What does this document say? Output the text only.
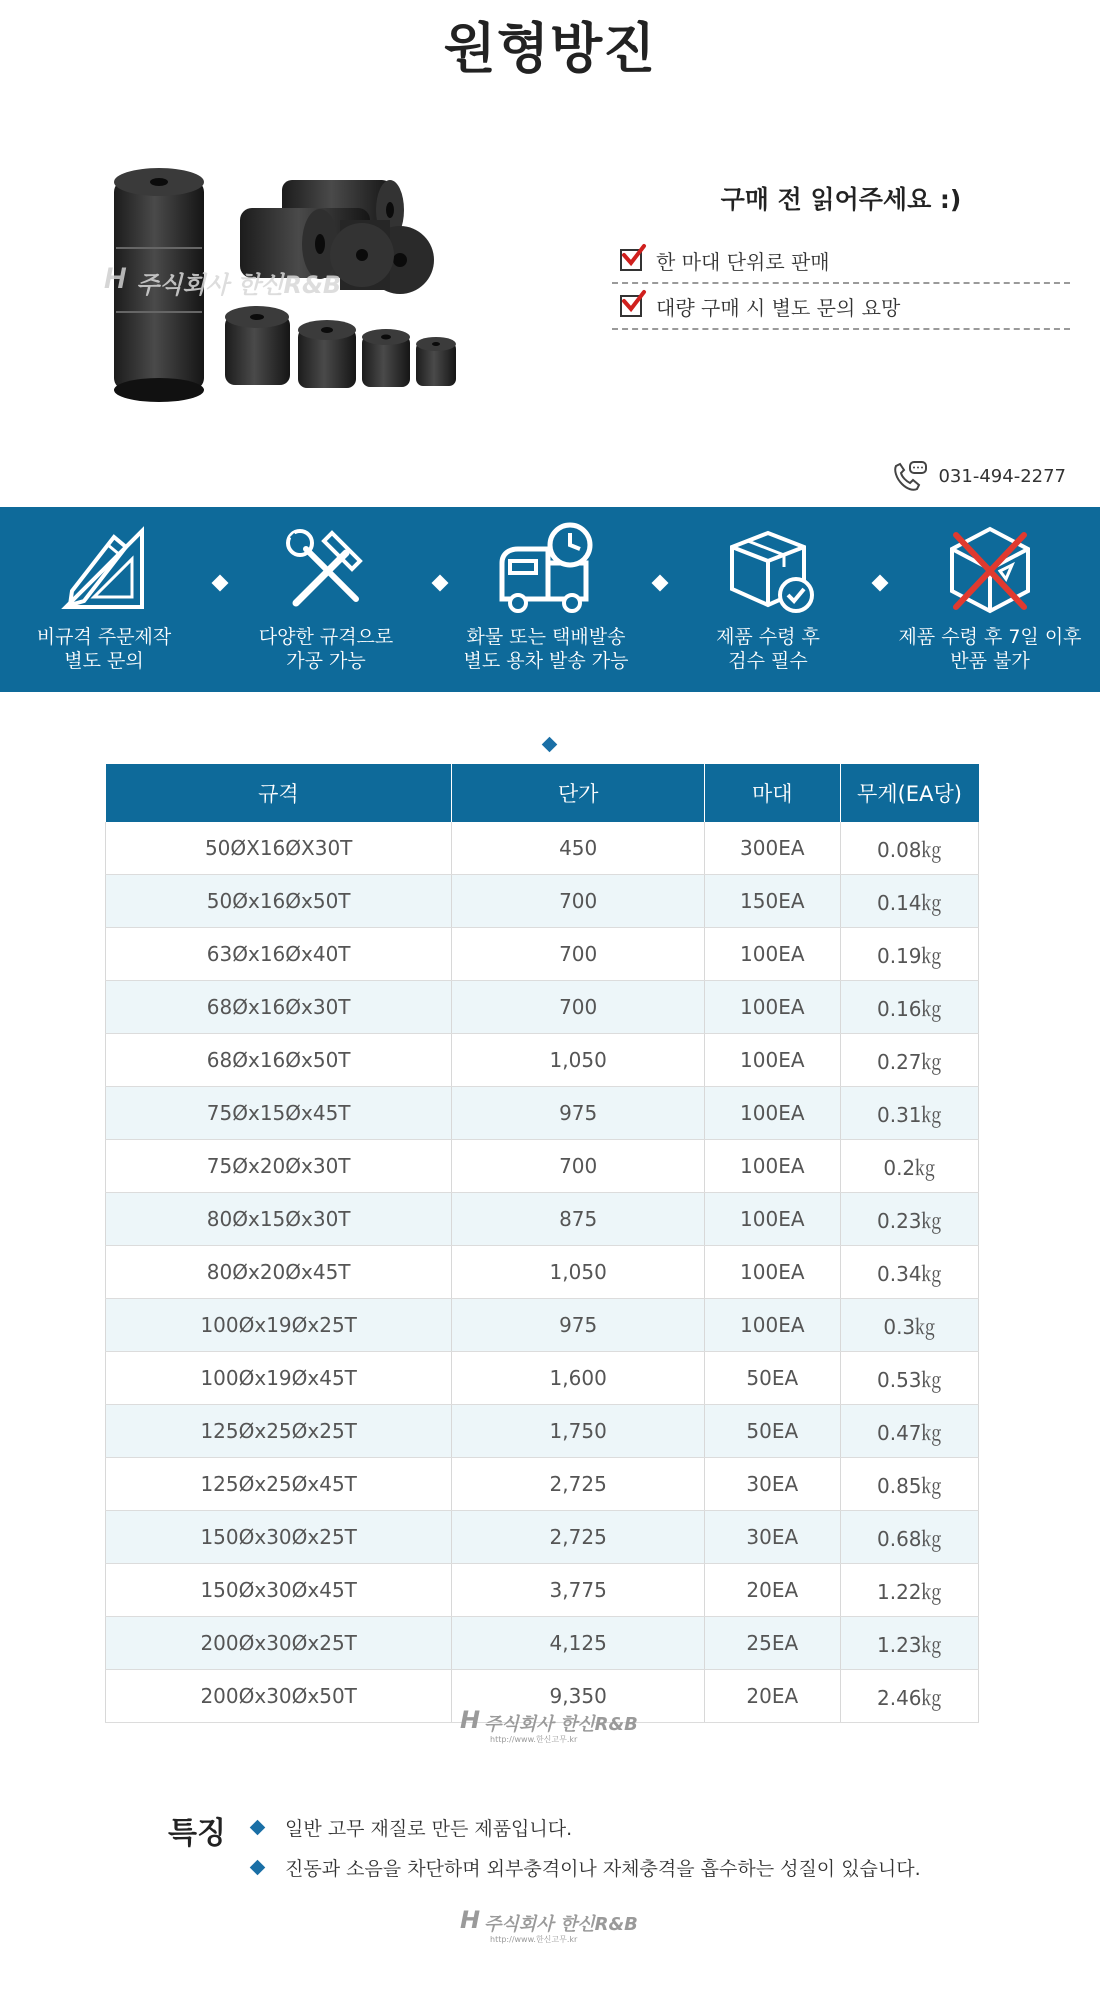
원형방진
H 주식회사 한신R&B
구매 전 읽어주세요 :)
한 마대 단위로 판매
대량 구매 시 별도 문의 요망
031-494-2277
비규격 주문제작
별도 문의
다양한 규격으로
가공 가능
화물 또는 택배발송
별도 용차 발송 가능
제품 수령 후
검수 필수
제품 수령 후 7일 이후
반품 불가
규격	단가	마대	무게(EA당)
50ØX16ØX30T	450	300EA	0.08㎏
50Øx16Øx50T	700	150EA	0.14㎏
63Øx16Øx40T	700	100EA	0.19㎏
68Øx16Øx30T	700	100EA	0.16㎏
68Øx16Øx50T	1,050	100EA	0.27㎏
75Øx15Øx45T	975	100EA	0.31㎏
75Øx20Øx30T	700	100EA	0.2㎏
80Øx15Øx30T	875	100EA	0.23㎏
80Øx20Øx45T	1,050	100EA	0.34㎏
100Øx19Øx25T	975	100EA	0.3㎏
100Øx19Øx45T	1,600	50EA	0.53㎏
125Øx25Øx25T	1,750	50EA	0.47㎏
125Øx25Øx45T	2,725	30EA	0.85㎏
150Øx30Øx25T	2,725	30EA	0.68㎏
150Øx30Øx45T	3,775	20EA	1.22㎏
200Øx30Øx25T	4,125	25EA	1.23㎏
200Øx30Øx50T	9,350	20EA	2.46㎏
H 주식회사 한신R&B
http://www.한신고무.kr
특징	일반 고무 재질로 만든 제품입니다.
진동과 소음을 차단하며 외부충격이나 자체충격을 흡수하는 성질이 있습니다.
H 주식회사 한신R&B
http://www.한신고무.kr
